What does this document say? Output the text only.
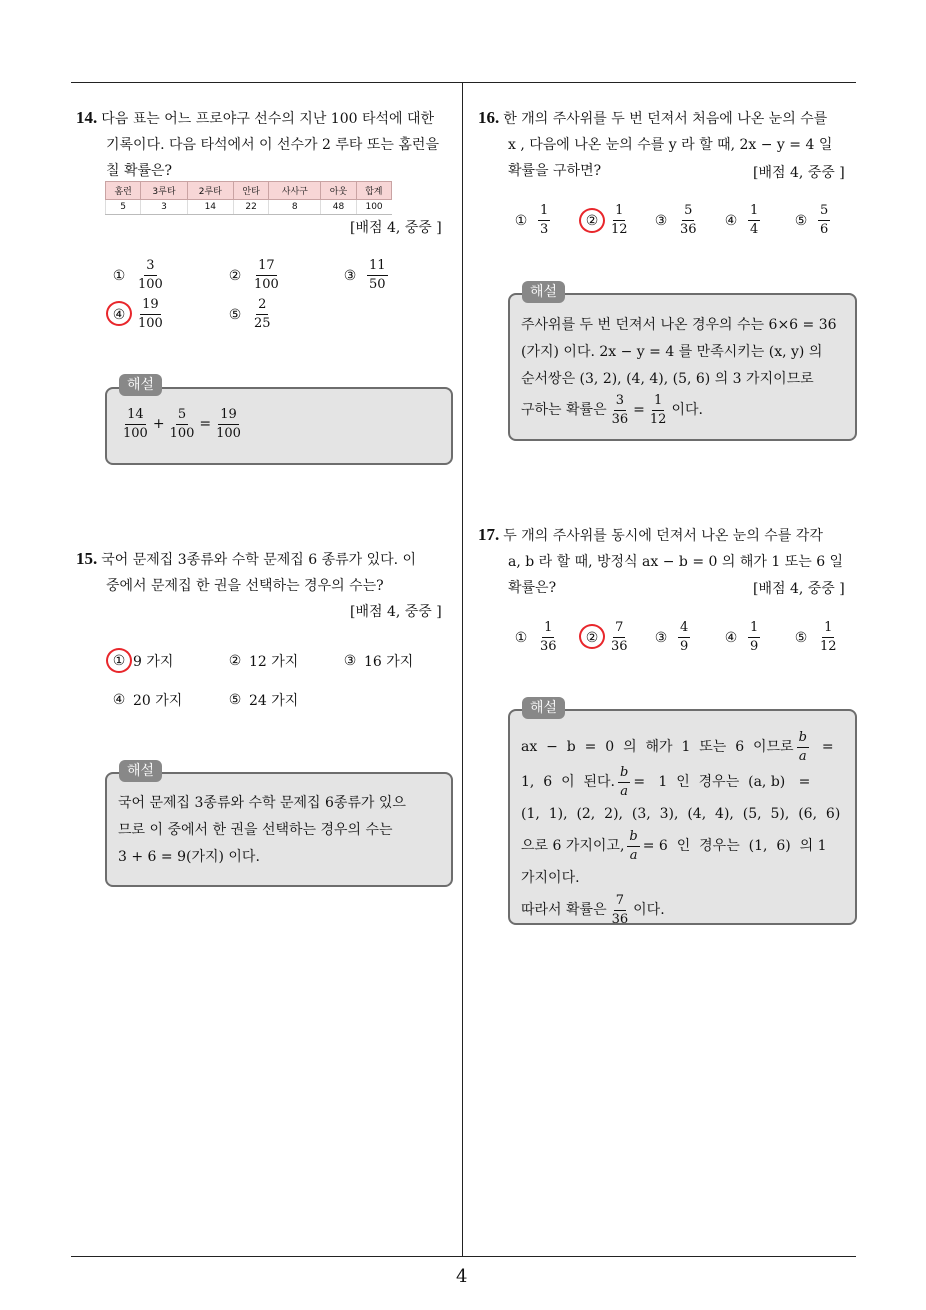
4
14. 다음 표는 어느 프로야구 선수의 지난 100 타석에 대한
기록이다. 다음 타석에서 이 선수가 2 루타 또는 홈런을
칠 확률은?
홈런	3루타	2루타	안타	사사구	아웃	합계
5	3	14	22	8	48	100
[배점 4, 중중 ]
① $\frac{3}{100}$	② $\frac{17}{100}$	③ $\frac{11}{50}$
④ $\frac{19}{100}$	⑤ $\frac{2}{25}$
해설
$\frac{14}{100} + \frac{5}{100} = \frac{19}{100}$
15. 국어 문제집 3종류와 수학 문제집 6 종류가 있다. 이
중에서 문제집 한 권을 선택하는 경우의 수는?
[배점 4, 중중 ]
① 9 가지	② 12 가지	③ 16 가지
④ 20 가지	⑤ 24 가지
해설
국어 문제집 3종류와 수학 문제집 6종류가 있으
므로 이 중에서 한 권을 선택하는 경우의 수는
3 + 6 = 9(가지) 이다.
16. 한 개의 주사위를 두 번 던져서 처음에 나온 눈의 수를
x , 다음에 나온 눈의 수를 y 라 할 때, 2x − y = 4 일
확률을 구하면?	[배점 4, 중중 ]
① $\frac{1}{3}$	② $\frac{1}{12}$ ③ $\frac{5}{36}$ ④ $\frac{1}{4}$ ⑤ $\frac{5}{6}$
해설
주사위를 두 번 던져서 나온 경우의 수는 6×6 = 36
(가지) 이다. 2x − y = 4 를 만족시키는 (x, y) 의
순서쌍은 (3, 2), (4, 4), (5, 6) 의 3 가지이므로
구하는 확률은 $\frac{3}{36} = \frac{1}{12}$ 이다.
17. 두 개의 주사위를 동시에 던져서 나온 눈의 수를 각각
a, b 라 할 때, 방정식 ax − b = 0 의 해가 1 또는 6 일
확률은?	[배점 4, 중중 ]
① $\frac{1}{36}$ ② $\frac{7}{36}$ ③ $\frac{4}{9}$ ④ $\frac{1}{9}$ ⑤ $\frac{1}{12}$
해설
ax  −  b  =  0  의  해가  1  또는  6  이므로 $\frac{b}{a}$ =
1,  6  이  된다. $\frac{b}{a} = 1$  인  경우는  (a, b)   =
(1,  1),  (2,  2),  (3,  3),  (4,  4),  (5,  5),  (6,  6)
으로 6 가지이고, $\frac{b}{a} = 6$  인  경우는  (1,  6)  의 1
가지이다.
따라서 확률은 $\frac{7}{36}$ 이다.
